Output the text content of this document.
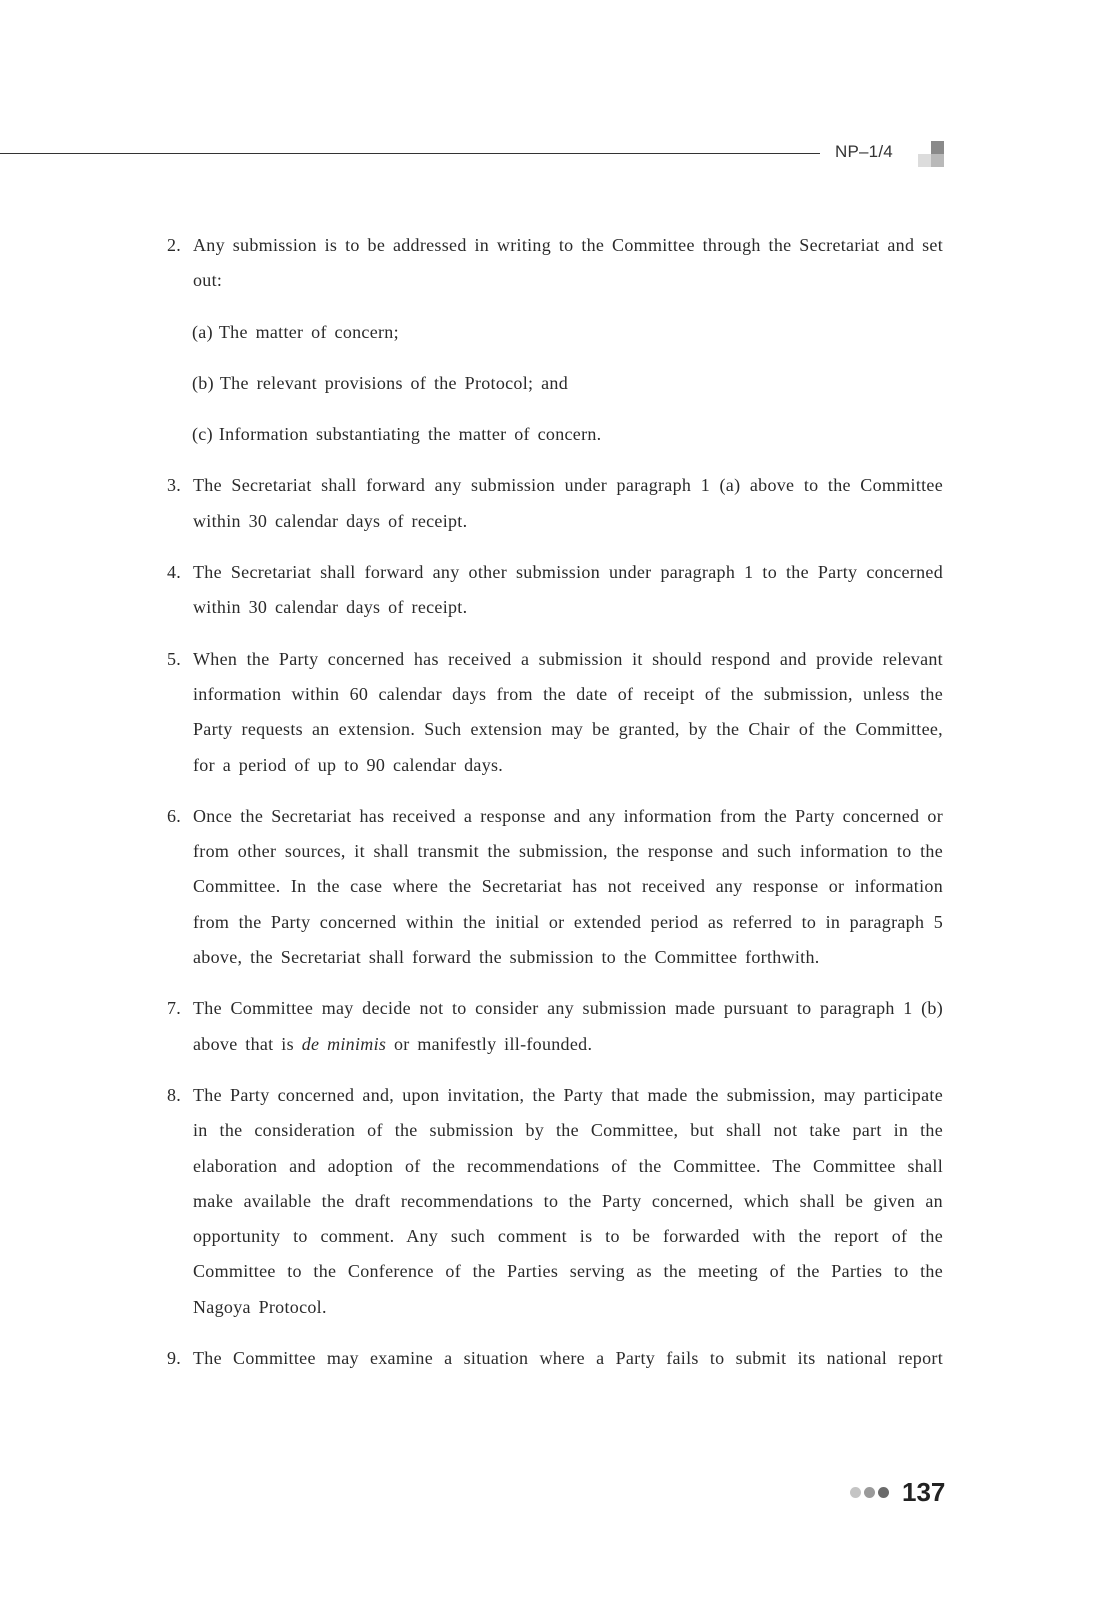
NP–1/4
2. Any submission is to be addressed in writing to the Committee through the Secretariat and set out:
(a) The matter of concern;
(b) The relevant provisions of the Protocol; and
(c) Information substantiating the matter of concern.
3. The Secretariat shall forward any submission under paragraph 1 (a) above to the Committee within 30 calendar days of receipt.
4. The Secretariat shall forward any other submission under paragraph 1 to the Party concerned within 30 calendar days of receipt.
5. When the Party concerned has received a submission it should respond and provide relevant information within 60 calendar days from the date of receipt of the submission, unless the Party requests an extension. Such extension may be granted, by the Chair of the Committee, for a period of up to 90 calendar days.
6. Once the Secretariat has received a response and any information from the Party concerned or from other sources, it shall transmit the submission, the response and such information to the Committee. In the case where the Secretariat has not received any response or information from the Party concerned within the initial or extended period as referred to in paragraph 5 above, the Secretariat shall forward the submission to the Committee forthwith.
7. The Committee may decide not to consider any submission made pursuant to paragraph 1 (b) above that is de minimis or manifestly ill-founded.
8. The Party concerned and, upon invitation, the Party that made the submission, may participate in the consideration of the submission by the Committee, but shall not take part in the elaboration and adoption of the recommendations of the Committee. The Committee shall make available the draft recommendations to the Party concerned, which shall be given an opportunity to comment. Any such comment is to be forwarded with the report of the Committee to the Conference of the Parties serving as the meeting of the Parties to the Nagoya Protocol.
9. The Committee may examine a situation where a Party fails to submit its national report
137
